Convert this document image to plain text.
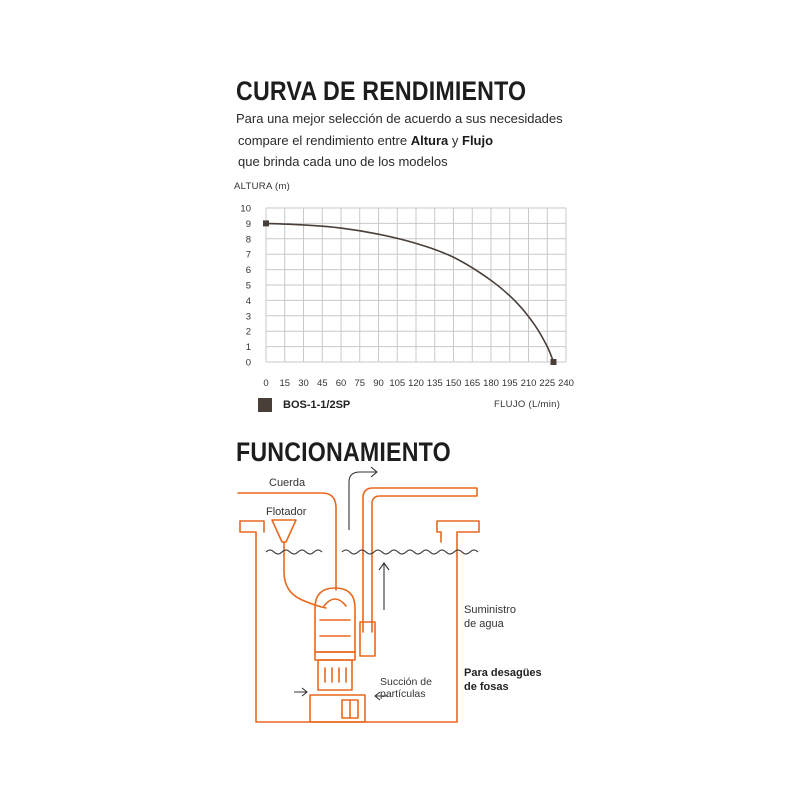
CURVA DE RENDIMIENTO
Para una mejor selección de acuerdo a sus necesidades
compare el rendimiento entre Altura y Flujo
que brinda cada uno de los modelos
ALTURA (m)
0
1
2
3
4
5
6
7
8
9
10
0 15 30 45 60 75 90 105 120 135 150 165 180 195 210 225 240
BOS-1-1/2SP	FLUJO (L/min)
FUNCIONAMIENTO
Cuerda
Flotador
Suministro
de agua
Para desagües
de fosas
Succión de
partículas
